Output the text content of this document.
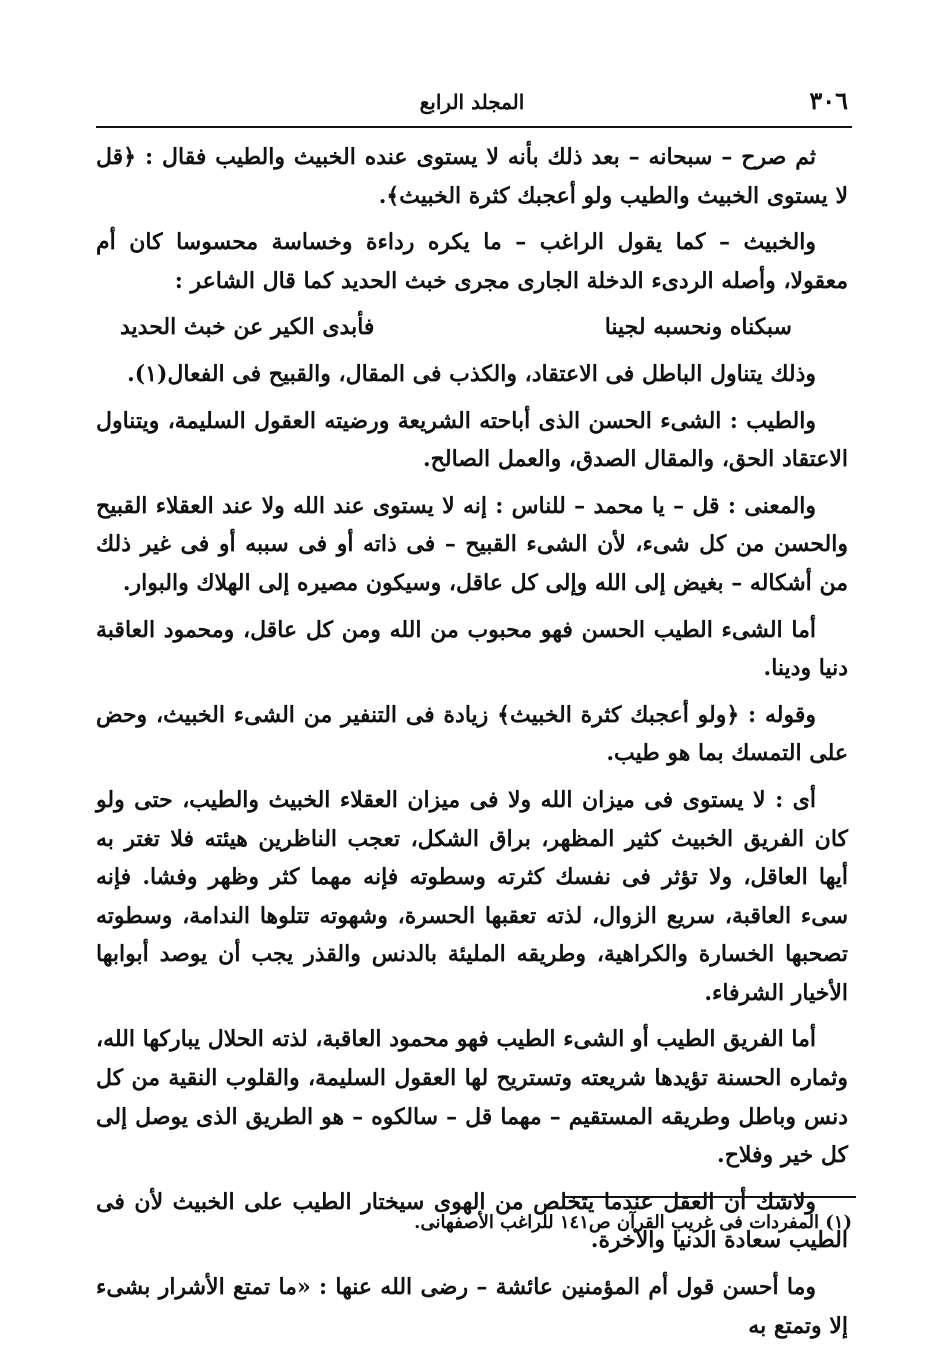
٣٠٦
المجلد الرابع

ثم صرح – سبحانه – بعد ذلك بأنه لا يستوى عنده الخبيث والطيب فقال : ﴿قل لا يستوى الخبيث والطيب ولو أعجبك كثرة الخبيث﴾.

والخبيث – كما يقول الراغب – ما يكره رداءة وخساسة محسوسا كان أم معقولا، وأصله الردىء الدخلة الجارى مجرى خبث الحديد كما قال الشاعر :

سبكناه ونحسبه لجينا
فأبدى الكير عن خبث الحديد

وذلك يتناول الباطل فى الاعتقاد، والكذب فى المقال، والقبيح فى الفعال(١).

والطيب : الشىء الحسن الذى أباحته الشريعة ورضيته العقول السليمة، ويتناول الاعتقاد الحق، والمقال الصدق، والعمل الصالح.

والمعنى : قل – يا محمد – للناس : إنه لا يستوى عند الله ولا عند العقلاء القبيح والحسن من كل شىء، لأن الشىء القبيح – فى ذاته أو فى سببه أو فى غير ذلك من أشكاله – بغيض إلى الله وإلى كل عاقل، وسيكون مصيره إلى الهلاك والبوار.

أما الشىء الطيب الحسن فهو محبوب من الله ومن كل عاقل، ومحمود العاقبة دنيا ودينا.

وقوله : ﴿ولو أعجبك كثرة الخبيث﴾ زيادة فى التنفير من الشىء الخبيث، وحض على التمسك بما هو طيب.

أى : لا يستوى فى ميزان الله ولا فى ميزان العقلاء الخبيث والطيب، حتى ولو كان الفريق الخبيث كثير المظهر، براق الشكل، تعجب الناظرين هيئته فلا تغتر به أيها العاقل، ولا تؤثر فى نفسك كثرته وسطوته فإنه مهما كثر وظهر وفشا. فإنه سىء العاقبة، سريع الزوال، لذته تعقبها الحسرة، وشهوته تتلوها الندامة، وسطوته تصحبها الخسارة والكراهية، وطريقه المليئة بالدنس والقذر يجب أن يوصد أبوابها الأخيار الشرفاء.

أما الفريق الطيب أو الشىء الطيب فهو محمود العاقبة، لذته الحلال يباركها الله، وثماره الحسنة تؤيدها شريعته وتستريح لها العقول السليمة، والقلوب النقية من كل دنس وباطل وطريقه المستقيم – مهما قل – سالكوه – هو الطريق الذى يوصل إلى كل خير وفلاح.

ولاشك أن العقل عندما يتخلص من الهوى سيختار الطيب على الخبيث لأن فى الطيب سعادة الدنيا والآخرة.

وما أحسن قول أم المؤمنين عائشة – رضى الله عنها : «ما تمتع الأشرار بشىء إلا وتمتع به

(١) المفردات فى غريب القرآن ص١٤١ للراغب الأصفهانى.
